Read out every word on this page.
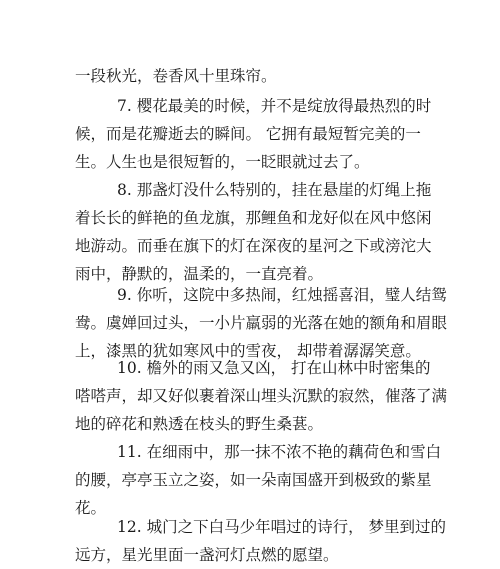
一段秋光，卷香风十里珠帘。

7. 樱花最美的时候，并不是绽放得最热烈的时
候，而是花瓣逝去的瞬间。 它拥有最短暂完美的一
生。人生也是很短暂的，一眨眼就过去了。

8. 那盏灯没什么特别的，挂在悬崖的灯绳上拖
着长长的鲜艳的鱼龙旗，那鲤鱼和龙好似在风中悠闲
地游动。而垂在旗下的灯在深夜的星河之下或滂沱大
雨中，静默的，温柔的，一直亮着。

9. 你听，这院中多热闹，红烛摇喜泪，璧人结鸳
鸯。虞婵回过头，一小片羸弱的光落在她的额角和眉眼
上，漆黑的犹如寒风中的雪夜， 却带着潺潺笑意。

10. 檐外的雨又急又凶， 打在山林中时密集的
嗒嗒声，却又好似裹着深山埋头沉默的寂然，催落了满
地的碎花和熟透在枝头的野生桑葚。

11. 在细雨中，那一抹不浓不艳的藕荷色和雪白
的腰，亭亭玉立之姿，如一朵南国盛开到极致的紫星
花。

12. 城门之下白马少年唱过的诗行， 梦里到过的
远方，星光里面一盏河灯点燃的愿望。
